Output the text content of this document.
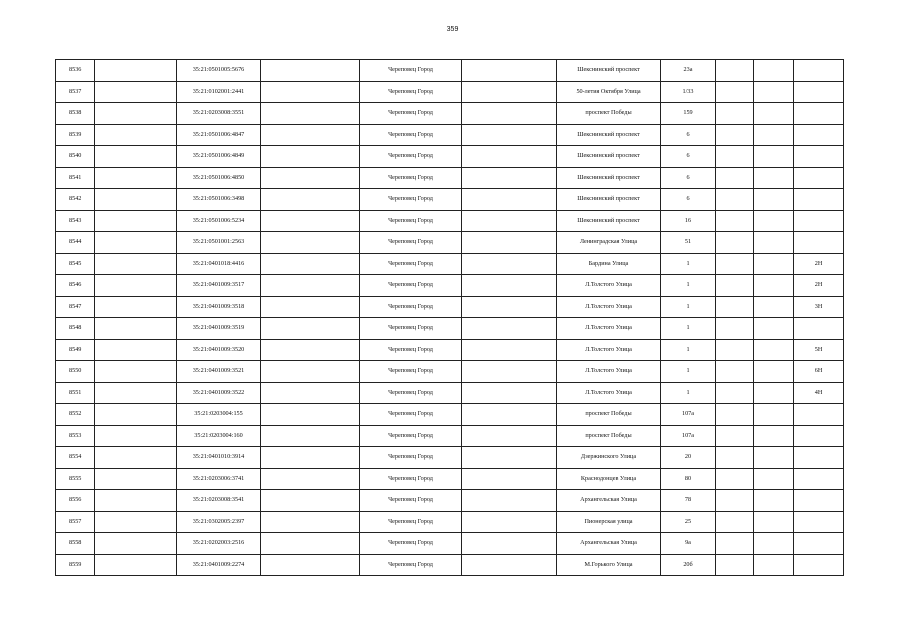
359
8536		35:21:0501005:5676		Череповец Город		Шекснинский проспект	23а			
8537		35:21:0102001:2441		Череповец Город		50-летия Октября Улица	1/33			
8538		35:21:0203008:3551		Череповец Город		проспект Победы	159			
8539		35:21:0501006:4847		Череповец Город		Шекснинский проспект	6			
8540		35:21:0501006:4849		Череповец Город		Шекснинский проспект	6			
8541		35:21:0501006:4850		Череповец Город		Шекснинский проспект	6			
8542		35:21:0501006:3498		Череповец Город		Шекснинский проспект	6			
8543		35:21:0501006:5234		Череповец Город		Шекснинский проспект	16			
8544		35:21:0501001:2563		Череповец Город		Ленинградская Улица	51			
8545		35:21:0401018:4416		Череповец Город		Бардина Улица	1			2Н
8546		35:21:0401009:3517		Череповец Город		Л.Толстого Улица	1			2Н
8547		35:21:0401009:3518		Череповец Город		Л.Толстого Улица	1			3Н
8548		35:21:0401009:3519		Череповец Город		Л.Толстого Улица	1			
8549		35:21:0401009:3520		Череповец Город		Л.Толстого Улица	1			5Н
8550		35:21:0401009:3521		Череповец Город		Л.Толстого Улица	1			6Н
8551		35:21:0401009:3522		Череповец Город		Л.Толстого Улица	1			4Н
8552		35:21:0203004:155		Череповец Город		проспект Победы	107а			
8553		35:21:0203004:160		Череповец Город		проспект Победы	107а			
8554		35:21:0401010:3914		Череповец Город		Дзержинского Улица	20			
8555		35:21:0203006:3741		Череповец Город		Краснодонцев Улица	80			
8556		35:21:0203008:3541		Череповец Город		Архангельская Улица	78			
8557		35:21:0302005:2397		Череповец Город		Пионерская улица	25			
8558		35:21:0202003:2516		Череповец Город		Архангельская Улица	9а			
8559		35:21:0401009:2274		Череповец Город		М.Горького Улица	20б			
